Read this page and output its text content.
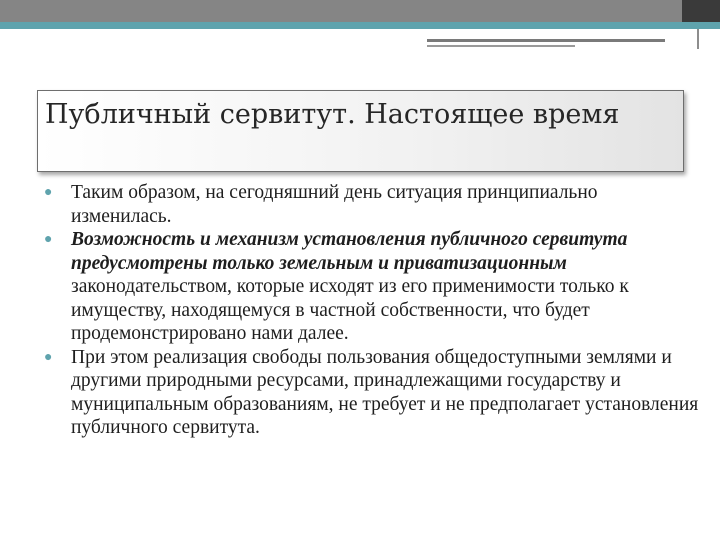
Публичный сервитут. Настоящее время
● Таким образом, на сегодняшний день ситуация принципиально изменилась.
● Возможность и механизм установления публичного сервитута предусмотрены только земельным и приватизационным законодательством, которые исходят из его применимости только к имуществу, находящемуся в частной собственности, что будет продемонстрировано нами далее.
● При этом реализация свободы пользования общедоступными землями и другими природными ресурсами, принадлежащими государству и муниципальным образованиям, не требует и не предполагает установления публичного сервитута.
